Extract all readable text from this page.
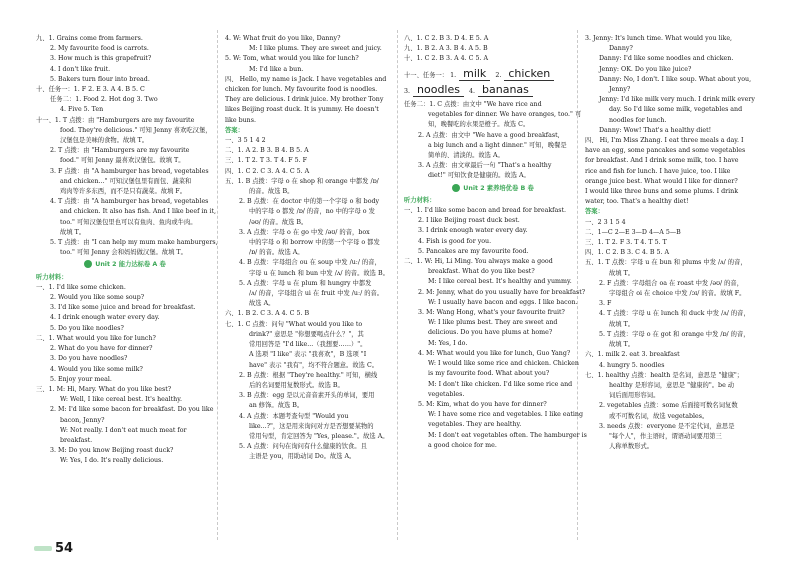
九、1. Grains come from farmers.
2. My favourite food is carrots.
3. How much is this grapefruit?
4. I don't like fruit.
5. Bakers turn flour into bread.
十、任务一：1. F 2. E 3. A 4. B 5. C
任务二：1. Food 2. Hot dog 3. Two
4. Five 5. Ten
十一、1. T 点拨：由 "Hamburgers are my favourite
food. They're delicious." 可知 Jenny 喜欢吃汉堡，
汉堡包是美味的食物。故填 T。
2. T 点拨：由 "Hamburgers are my favourite
food." 可知 Jenny 最喜欢汉堡包。故填 T。
3. F 点拨：由 "A hamburger has bread, vegetables
and chicken..." 可知汉堡包里有面包、蔬菜和
鸡肉等许多东西，而不是只有蔬菜。故填 F。
4. T 点拨：由 "A hamburger has bread, vegetables
and chicken. It also has fish. And I like beef in it,
too." 可知汉堡包里也可以有鱼肉、鱼肉或牛肉。
故填 T。
5. T 点拨：由 "I can help my mum make hamburgers,
too." 可知 Jenny 会和妈妈做汉堡。故填 T。
Unit 2 能力达标卷 A 卷
听力材料：
一、1. I'd like some chicken.
2. Would you like some soup?
3. I'd like some juice and bread for breakfast.
4. I drink enough water every day.
5. Do you like noodles?
二、1. What would you like for lunch?
2. What do you have for dinner?
3. Do you have noodles?
4. Would you like some milk?
5. Enjoy your meal.
三、1. M: Hi, Mary. What do you like best?
W: Well, I like cereal best. It's healthy.
2. M: I'd like some bacon for breakfast. Do you like
bacon, Jenny?
W: Not really. I don't eat much meat for
breakfast.
3. M: Do you know Beijing roast duck?
W: Yes, I do. It's really delicious.
4. W: What fruit do you like, Danny?
M: I like plums. They are sweet and juicy.
5. W: Tom, what would you like for lunch?
M: I'd like a bun.
四、 Hello, my name is Jack. I have vegetables and
chicken for lunch. My favourite food is noodles.
They are delicious. I drink juice. My brother Tony
likes Beijing roast duck. It is yummy. He doesn't
like buns.
答案：
一、3 5 1 4 2
二、1. A 2. B 3. B 4. B 5. A
三、1. T 2. T 3. T 4. F 5. F
四、1. C 2. C 3. A 4. C 5. A
五、1. B 点拨：字母 o 在 shop 和 orange 中都发 /ɒ/
的音。故选 B。
2. B 点拨：在 doctor 中的第一个字母 o 和 body
中的字母 o 都发 /ɒ/ 的音，no 中的字母 o 发
/əʊ/ 的音。故选 B。
3. A 点拨：字母 o 在 go 中发 /əʊ/ 的音，box
中的字母 o 和 borrow 中的第一个字母 o 都发
/ɒ/ 的音。故选 A。
4. B 点拨：字母组合 ou 在 soup 中发 /uː/ 的音，
字母 u 在 lunch 和 bun 中发 /ʌ/ 的音。故选 B。
5. A 点拨：字母 u 在 plum 和 hungry 中都发
/ʌ/ 的音，字母组合 ui 在 fruit 中发 /uː/ 的音。
故选 A。
六、1. B 2. C 3. A 4. C 5. B
七、1. C 点拨：问句 "What would you like to
drink?" 意思是 "你想要喝点什么？"，其
常用回答是 "I'd like...（我想要……）"。
A 选项 "I like" 表示 "我喜欢"，B 选项 "I
have" 表示 "我有"，均不符合题意。故选 C。
2. B 点拨：根据 "They're healthy." 可知，横线
后的名词要用复数形式。故选 B。
3. B 点拨：egg 是以元音音素开头的单词，要用
an 修饰。故选 B。
4. A 点拨：本题考查句型 "Would you
like...?"，这是用来询问对方是否想要某物的
常用句型，肯定回答为 "Yes, please."。故选 A。
5. A 点拨：问句在询问有什么健康的饮食。且
主语是 you，用助动词 Do。故选 A。
八、1. C 2. B 3. D 4. E 5. A
九、1. B 2. A 3. B 4. A 5. B
十、1. C 2. B 3. A 4. C 5. A
十一、任务一： 1. milk 2. chicken
3. noodles 4. bananas
任务二：1. C 点拨：由文中 "We have rice and
vegetables for dinner. We have oranges, too." 可
知，晚餐吃的水果是橙子。故选 C。
2. A 点拨：由文中 "We have a good breakfast,
a big lunch and a light dinner." 可知，晚餐是
简单的、清淡的。故选 A。
3. A 点拨：由文章最后一句 "That's a healthy
diet!" 可知饮食是健康的。故选 A。
Unit 2 素养培优卷 B 卷
听力材料：
一、1. I'd like some bacon and bread for breakfast.
2. I like Beijing roast duck best.
3. I drink enough water every day.
4. Fish is good for you.
5. Pancakes are my favourite food.
二、1. W: Hi, Li Ming. You always make a good
breakfast. What do you like best?
M: I like cereal best. It's healthy and yummy.
2. M: Jenny, what do you usually have for breakfast?
W: I usually have bacon and eggs. I like bacon.
3. M: Wang Hong, what's your favourite fruit?
W: I like plums best. They are sweet and
delicious. Do you have plums at home?
M: Yes, I do.
4. M: What would you like for lunch, Guo Yang?
W: I would like some rice and chicken. Chicken
is my favourite food. What about you?
M: I don't like chicken. I'd like some rice and
vegetables.
5. M: Kim, what do you have for dinner?
W: I have some rice and vegetables. I like eating
vegetables. They are healthy.
M: I don't eat vegetables often. The hamburger is
a good choice for me.
3. Jenny: It's lunch time. What would you like,
Danny?
Danny: I'd like some noodles and chicken.
Jenny: OK. Do you like juice?
Danny: No, I don't. I like soup. What about you,
Jenny?
Jenny: I'd like milk very much. I drink milk every
day. So I'd like some milk, vegetables and
noodles for lunch.
Danny: Wow! That's a healthy diet!
四、 Hi, I'm Miss Zhang. I eat three meals a day. I
have an egg, some pancakes and some vegetables
for breakfast. And I drink some milk, too. I have
rice and fish for lunch. I have juice, too. I like
orange juice best. What would I like for dinner?
I would like three buns and some plums. I drink
water, too. That's a healthy diet!
答案：
一、2 3 1 5 4
二、1—C 2—E 3—D 4—A 5—B
三、1. T 2. F 3. T 4. T 5. T
四、1. C 2. B 3. C 4. B 5. A
五、1. T 点拨：字母 u 在 bun 和 plums 中发 /ʌ/ 的音，
故填 T。
2. F 点拨：字母组合 oa 在 roast 中发 /əʊ/ 的音，
字母组合 oi 在 choice 中发 /ɔɪ/ 的音。故填 F。
3. F
4. T 点拨：字母 u 在 lunch 和 duck 中发 /ʌ/ 的音，
故填 T。
5. T 点拨：字母 o 在 got 和 orange 中发 /ɒ/ 的音，
故填 T。
六、1. milk 2. eat 3. breakfast
4. hungry 5. noodles
七、1. healthy 点拨：health 是名词，意思是 "健康"；
healthy 是形容词，意思是 "健康的"。be 动
词后面用形容词。
2. vegetables 点拨：some 后面接可数名词复数
或不可数名词，故选 vegetables。
3. needs 点拨：everyone 是不定代词，意思是
"每个人"，作主语时，谓语动词要用第三
人称单数形式。
54
